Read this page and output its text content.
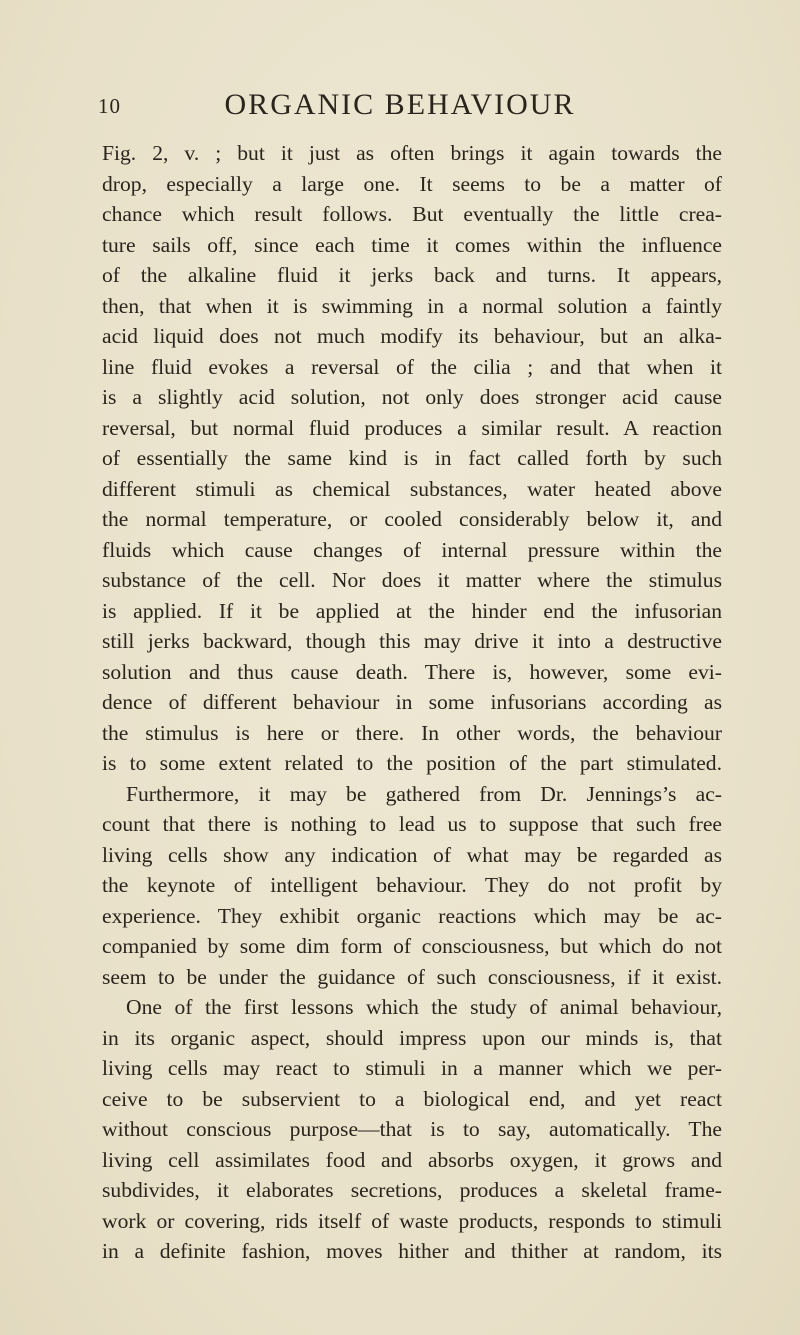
10	ORGANIC BEHAVIOUR
Fig. 2, v. ; but it just as often brings it again towards the
drop, especially a large one. It seems to be a matter of
chance which result follows. But eventually the little crea-
ture sails off, since each time it comes within the influence
of the alkaline fluid it jerks back and turns. It appears,
then, that when it is swimming in a normal solution a faintly
acid liquid does not much modify its behaviour, but an alka-
line fluid evokes a reversal of the cilia ; and that when it
is a slightly acid solution, not only does stronger acid cause
reversal, but normal fluid produces a similar result. A reaction
of essentially the same kind is in fact called forth by such
different stimuli as chemical substances, water heated above
the normal temperature, or cooled considerably below it, and
fluids which cause changes of internal pressure within the
substance of the cell. Nor does it matter where the stimulus
is applied. If it be applied at the hinder end the infusorian
still jerks backward, though this may drive it into a destructive
solution and thus cause death. There is, however, some evi-
dence of different behaviour in some infusorians according as
the stimulus is here or there. In other words, the behaviour
is to some extent related to the position of the part stimulated.
Furthermore, it may be gathered from Dr. Jennings’s ac-
count that there is nothing to lead us to suppose that such free
living cells show any indication of what may be regarded as
the keynote of intelligent behaviour. They do not profit by
experience. They exhibit organic reactions which may be ac-
companied by some dim form of consciousness, but which do not
seem to be under the guidance of such consciousness, if it exist.
One of the first lessons which the study of animal behaviour,
in its organic aspect, should impress upon our minds is, that
living cells may react to stimuli in a manner which we per-
ceive to be subservient to a biological end, and yet react
without conscious purpose—that is to say, automatically. The
living cell assimilates food and absorbs oxygen, it grows and
subdivides, it elaborates secretions, produces a skeletal frame-
work or covering, rids itself of waste products, responds to stimuli
in a definite fashion, moves hither and thither at random, its
